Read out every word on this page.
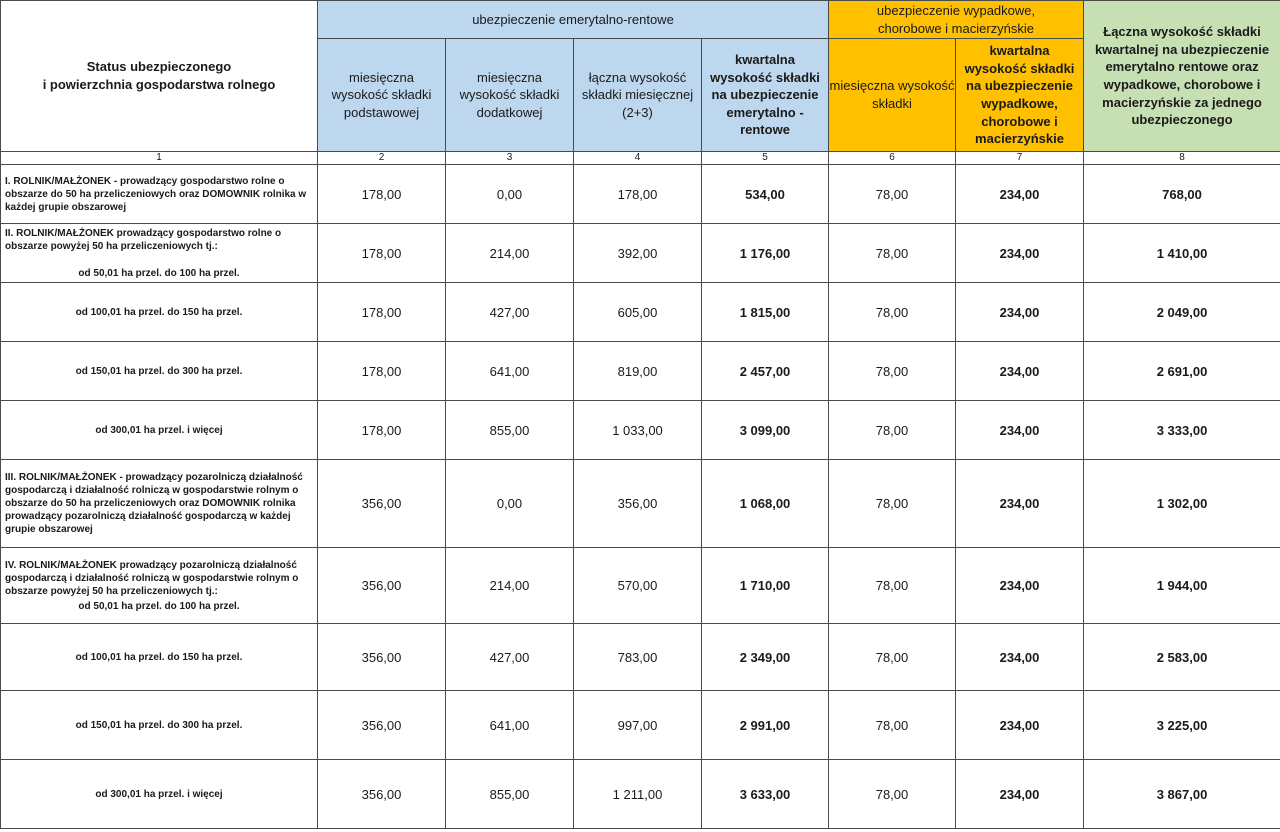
Status ubezpieczonego
i powierzchnia gospodarstwa rolnego	ubezpieczenie emerytalno-rentowe				ubezpieczenie wypadkowe, chorobowe i macierzyńskie		Łączna wysokość składki kwartalnej na ubezpieczenie emerytalno rentowe oraz wypadkowe, chorobowe i macierzyńskie za jednego ubezpieczonego
	miesięczna wysokość składki podstawowej	miesięczna wysokość składki dodatkowej	łączna wysokość składki miesięcznej (2+3)	kwartalna wysokość składki na ubezpieczenie emerytalno - rentowe	miesięczna wysokość składki	kwartalna wysokość składki na ubezpieczenie wypadkowe, chorobowe i macierzyńskie	
1	2	3	4	5	6	7	8
I. ROLNIK/MAŁŻONEK - prowadzący gospodarstwo rolne o obszarze do 50 ha przeliczeniowych oraz DOMOWNIK rolnika w każdej grupie obszarowej	178,00	0,00	178,00	534,00	78,00	234,00	768,00
II. ROLNIK/MAŁŻONEK prowadzący gospodarstwo rolne o obszarze powyżej 50 ha przeliczeniowych tj.:
od 50,01 ha przel. do 100 ha przel.	178,00	214,00	392,00	1 176,00	78,00	234,00	1 410,00
od 100,01 ha przel. do 150 ha przel.	178,00	427,00	605,00	1 815,00	78,00	234,00	2 049,00
od 150,01 ha przel. do 300 ha przel.	178,00	641,00	819,00	2 457,00	78,00	234,00	2 691,00
od 300,01 ha przel. i więcej	178,00	855,00	1 033,00	3 099,00	78,00	234,00	3 333,00
III. ROLNIK/MAŁŻONEK - prowadzący pozarolniczą działalność gospodarczą i działalność rolniczą w gospodarstwie rolnym o obszarze do 50 ha przeliczeniowych oraz DOMOWNIK rolnika prowadzący pozarolniczą działalność gospodarczą w każdej grupie obszarowej	356,00	0,00	356,00	1 068,00	78,00	234,00	1 302,00
IV. ROLNIK/MAŁŻONEK prowadzący pozarolniczą działalność gospodarczą i działalność rolniczą w gospodarstwie rolnym o obszarze powyżej 50 ha przeliczeniowych tj.:
od 50,01 ha przel. do 100 ha przel.	356,00	214,00	570,00	1 710,00	78,00	234,00	1 944,00
od 100,01 ha przel. do 150 ha przel.	356,00	427,00	783,00	2 349,00	78,00	234,00	2 583,00
od 150,01 ha przel. do 300 ha przel.	356,00	641,00	997,00	2 991,00	78,00	234,00	3 225,00
od 300,01 ha przel. i więcej	356,00	855,00	1 211,00	3 633,00	78,00	234,00	3 867,00
